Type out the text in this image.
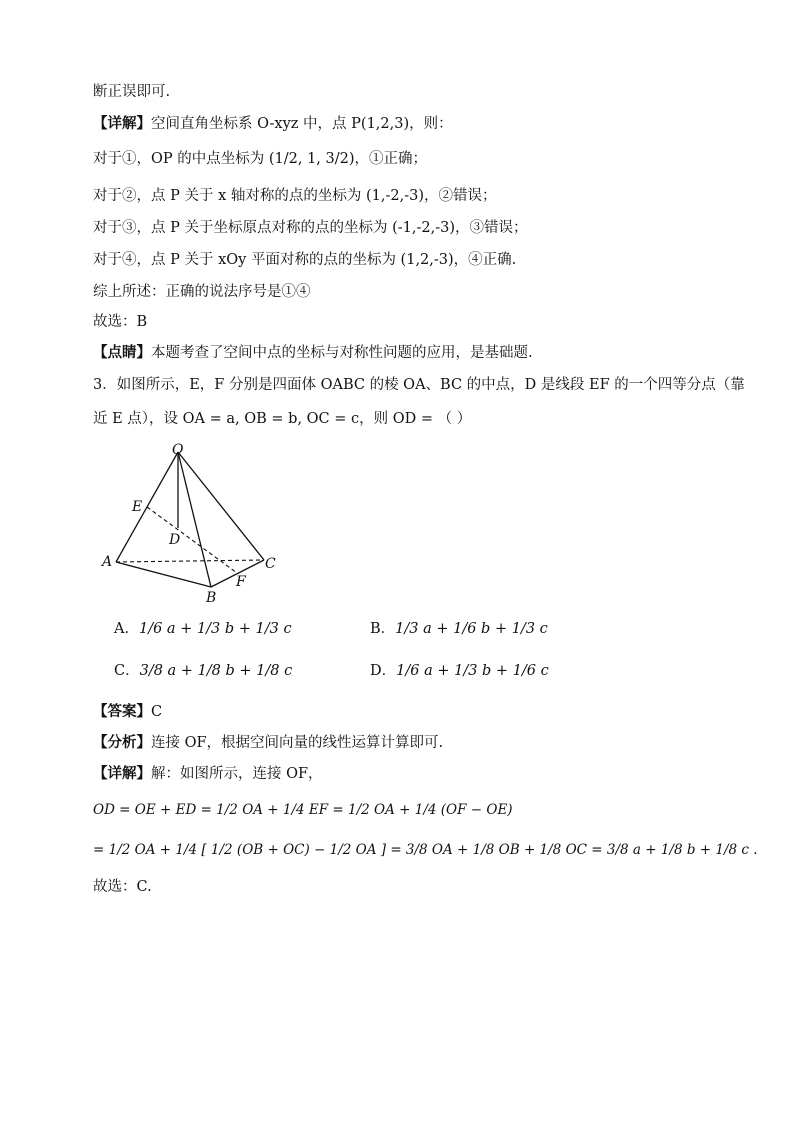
断正误即可.
【详解】空间直角坐标系 O-xyz 中，点 P(1,2,3)，则：
对于①，OP 的中点坐标为 (1/2, 1, 3/2)，①正确；
对于②，点 P 关于 x 轴对称的点的坐标为 (1,-2,-3)，②错误；
对于③，点 P 关于坐标原点对称的点的坐标为 (-1,-2,-3)，③错误；
对于④，点 P 关于 xOy 平面对称的点的坐标为 (1,2,-3)，④正确.
综上所述：正确的说法序号是①④
故选：B
【点睛】本题考查了空间中点的坐标与对称性问题的应用，是基础题.
3．如图所示，E，F 分别是四面体 OABC 的棱 OA、BC 的中点，D 是线段 EF 的一个四等分点（靠
近 E 点），设 OA = a, OB = b, OC = c，则 OD = （ ）
O
E
D
A	C
F
B
A．1/6 a + 1/3 b + 1/3 c	B．1/3 a + 1/6 b + 1/3 c
C．3/8 a + 1/8 b + 1/8 c	D．1/6 a + 1/3 b + 1/6 c
【答案】C
【分析】连接 OF，根据空间向量的线性运算计算即可.
【详解】解：如图所示，连接 OF，
OD = OE + ED = 1/2 OA + 1/4 EF = 1/2 OA + 1/4 (OF − OE)
= 1/2 OA + 1/4 [ 1/2 (OB + OC) − 1/2 OA ] = 3/8 OA + 1/8 OB + 1/8 OC = 3/8 a + 1/8 b + 1/8 c .
故选：C.
